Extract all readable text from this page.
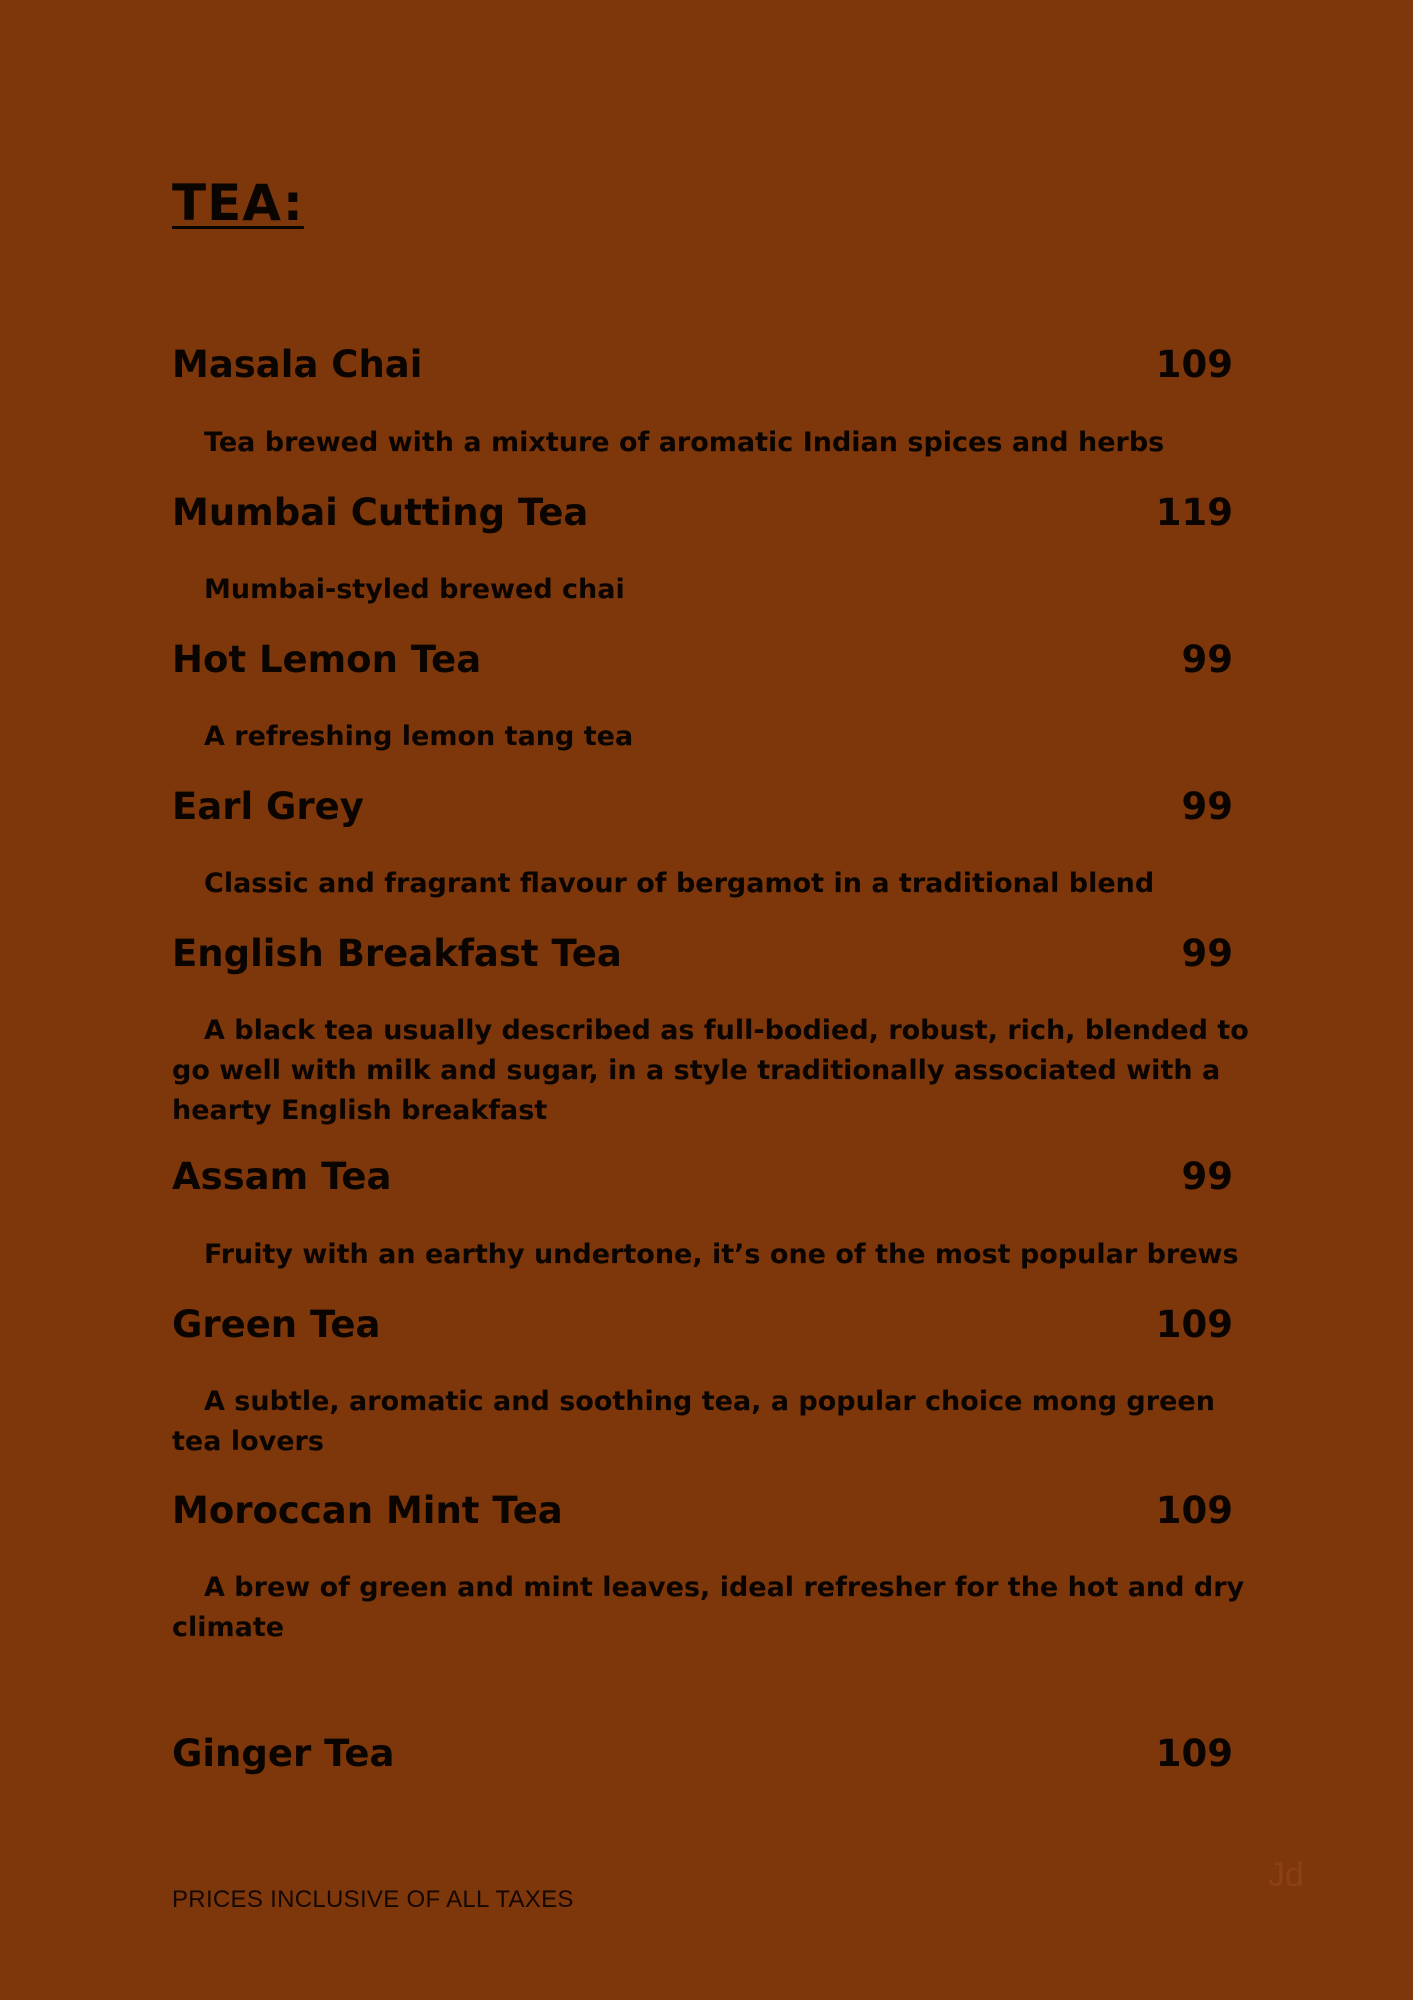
TEA:
Masala Chai	109

Tea brewed with a mixture of aromatic Indian spices and herbs

Mumbai Cutting Tea	119

Mumbai-styled brewed chai

Hot Lemon Tea	99

A refreshing lemon tang tea

Earl Grey	99

Classic and fragrant flavour of bergamot in a traditional blend

English Breakfast Tea	99

A black tea usually described as full-bodied, robust, rich, blended to go well with milk and sugar, in a style traditionally associated with a hearty English breakfast

Assam Tea	99

Fruity with an earthy undertone, it’s one of the most popular brews

Green Tea	109

A subtle, aromatic and soothing tea, a popular choice mong green tea lovers

Moroccan Mint Tea	109

A brew of green and mint leaves, ideal refresher for the hot and dry climate

Ginger Tea	109
PRICES INCLUSIVE OF ALL TAXES
Jd
